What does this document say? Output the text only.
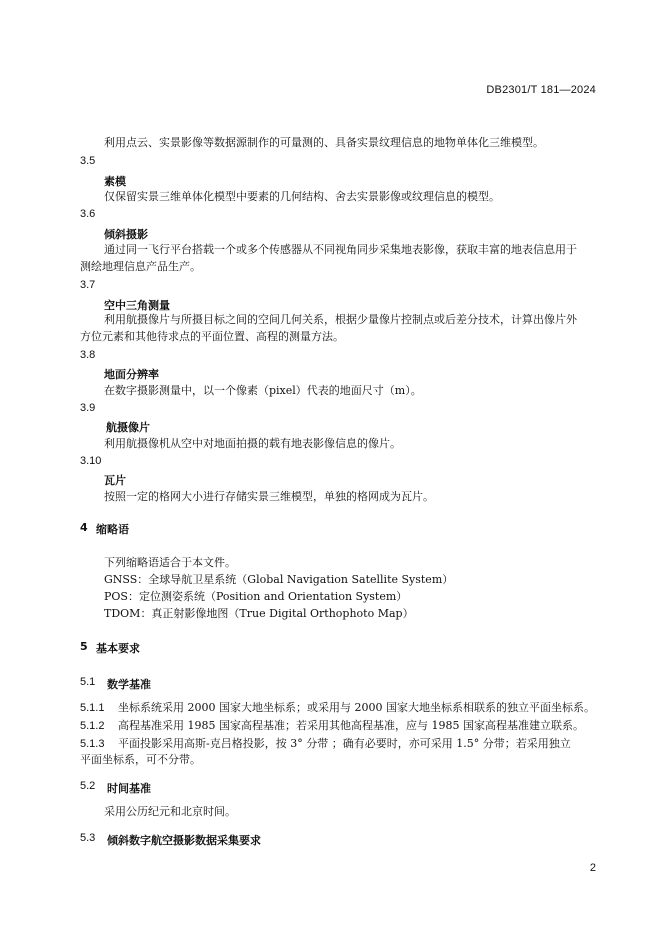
DB2301/T 181—2024
利用点云、实景影像等数据源制作的可量测的、具备实景纹理信息的地物单体化三维模型。
3.5
素模
仅保留实景三维单体化模型中要素的几何结构、舍去实景影像或纹理信息的模型。
3.6
倾斜摄影
通过同一飞行平台搭载一个或多个传感器从不同视角同步采集地表影像，获取丰富的地表信息用于
测绘地理信息产品生产。
3.7
空中三角测量
利用航摄像片与所摄目标之间的空间几何关系，根据少量像片控制点或后差分技术，计算出像片外
方位元素和其他待求点的平面位置、高程的测量方法。
3.8
地面分辨率
在数字摄影测量中，以一个像素（pixel）代表的地面尺寸（m）。
3.9
航摄像片
利用航摄像机从空中对地面拍摄的载有地表影像信息的像片。
3.10
瓦片
按照一定的格网大小进行存储实景三维模型，单独的格网成为瓦片。
4 缩略语
下列缩略语适合于本文件。
GNSS：全球导航卫星系统（Global Navigation Satellite System）
POS：定位测姿系统（Position and Orientation System）
TDOM：真正射影像地图（True Digital Orthophoto Map）
5 基本要求
5.1 数学基准
5.1.1 坐标系统采用 2000 国家大地坐标系；或采用与 2000 国家大地坐标系相联系的独立平面坐标系。
5.1.2 高程基准采用 1985 国家高程基准；若采用其他高程基准，应与 1985 国家高程基准建立联系。
5.1.3 平面投影采用高斯-克吕格投影，按 3° 分带 ；确有必要时，亦可采用 1.5° 分带；若采用独立
平面坐标系，可不分带。
5.2 时间基准
采用公历纪元和北京时间。
5.3 倾斜数字航空摄影数据采集要求
2
